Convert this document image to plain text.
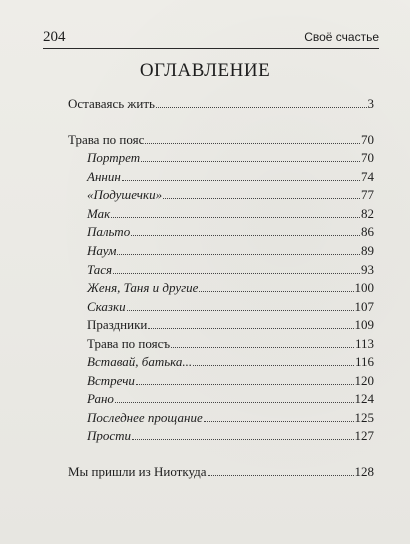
204	Своё счастье
ОГЛАВЛЕНИЕ
Оставаясь жить	3
Трава по пояс	70
Портрет	70
Аннин	74
«Подушечки»	77
Мак	82
Пальто	86
Наум	89
Тася	93
Женя, Таня и другие	100
Сказки	107
Праздники	109
Трава по поясъ	113
Вставай, батька...	116
Встречи	120
Рано	124
Последнее прощание	125
Прости	127
Мы пришли из Ниоткуда	128
